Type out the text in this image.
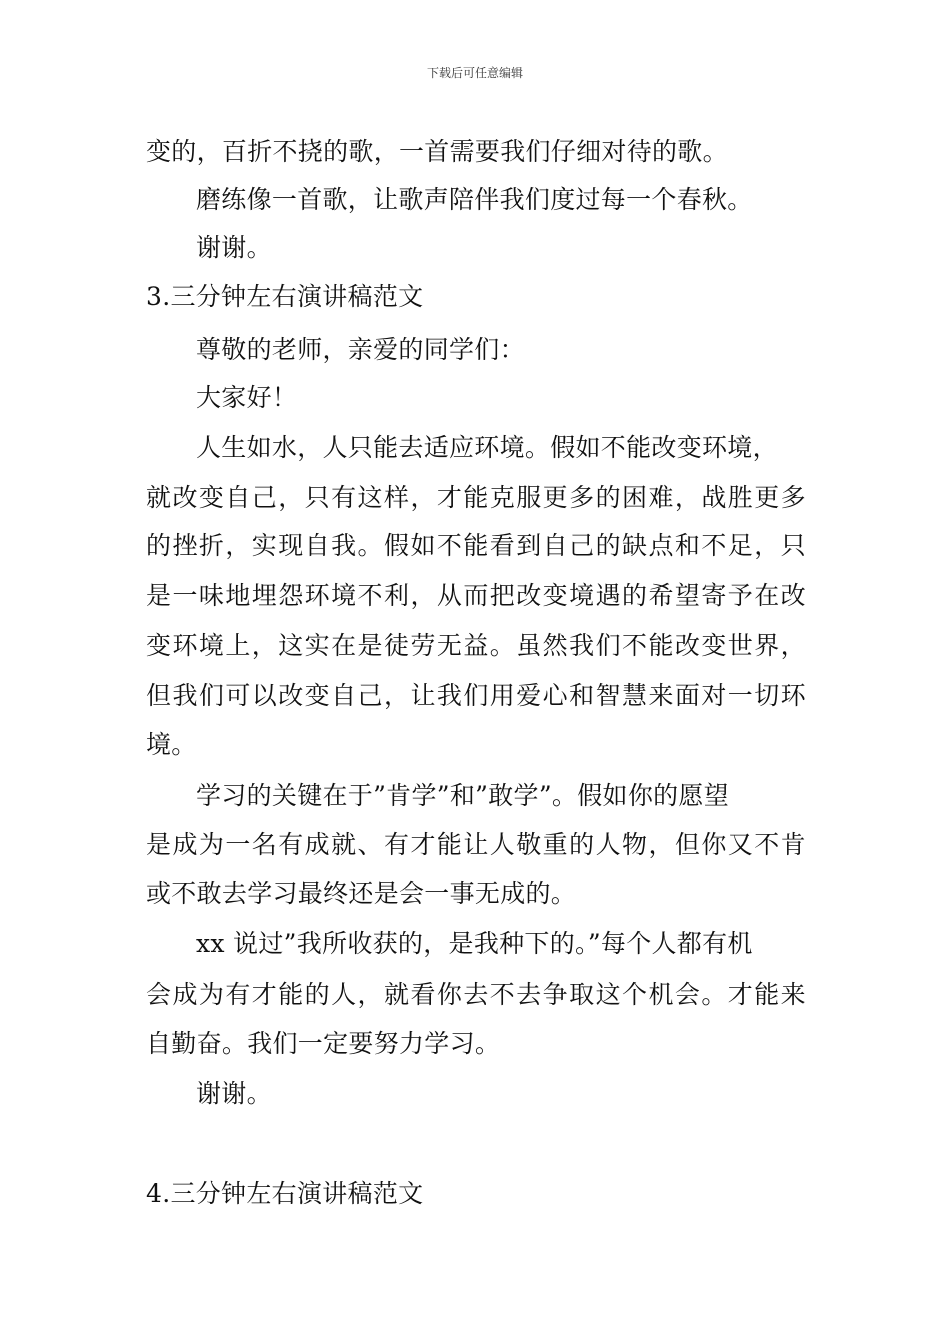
下载后可任意编辑
变的，百折不挠的歌，一首需要我们仔细对待的歌。
磨练像一首歌，让歌声陪伴我们度过每一个春秋。
谢谢。
3.三分钟左右演讲稿范文
尊敬的老师，亲爱的同学们：
大家好！
人生如水，人只能去适应环境。假如不能改变环境，
就改变自己，只有这样，才能克服更多的困难，战胜更多
的挫折，实现自我。假如不能看到自己的缺点和不足，只
是一味地埋怨环境不利，从而把改变境遇的希望寄予在改
变环境上，这实在是徒劳无益。虽然我们不能改变世界，
但我们可以改变自己，让我们用爱心和智慧来面对一切环
境。
学习的关键在于”肯学”和”敢学”。假如你的愿望
是成为一名有成就、有才能让人敬重的人物，但你又不肯
或不敢去学习最终还是会一事无成的。
xx 说过”我所收获的，是我种下的。”每个人都有机
会成为有才能的人，就看你去不去争取这个机会。才能来
自勤奋。我们一定要努力学习。
谢谢。
4.三分钟左右演讲稿范文
